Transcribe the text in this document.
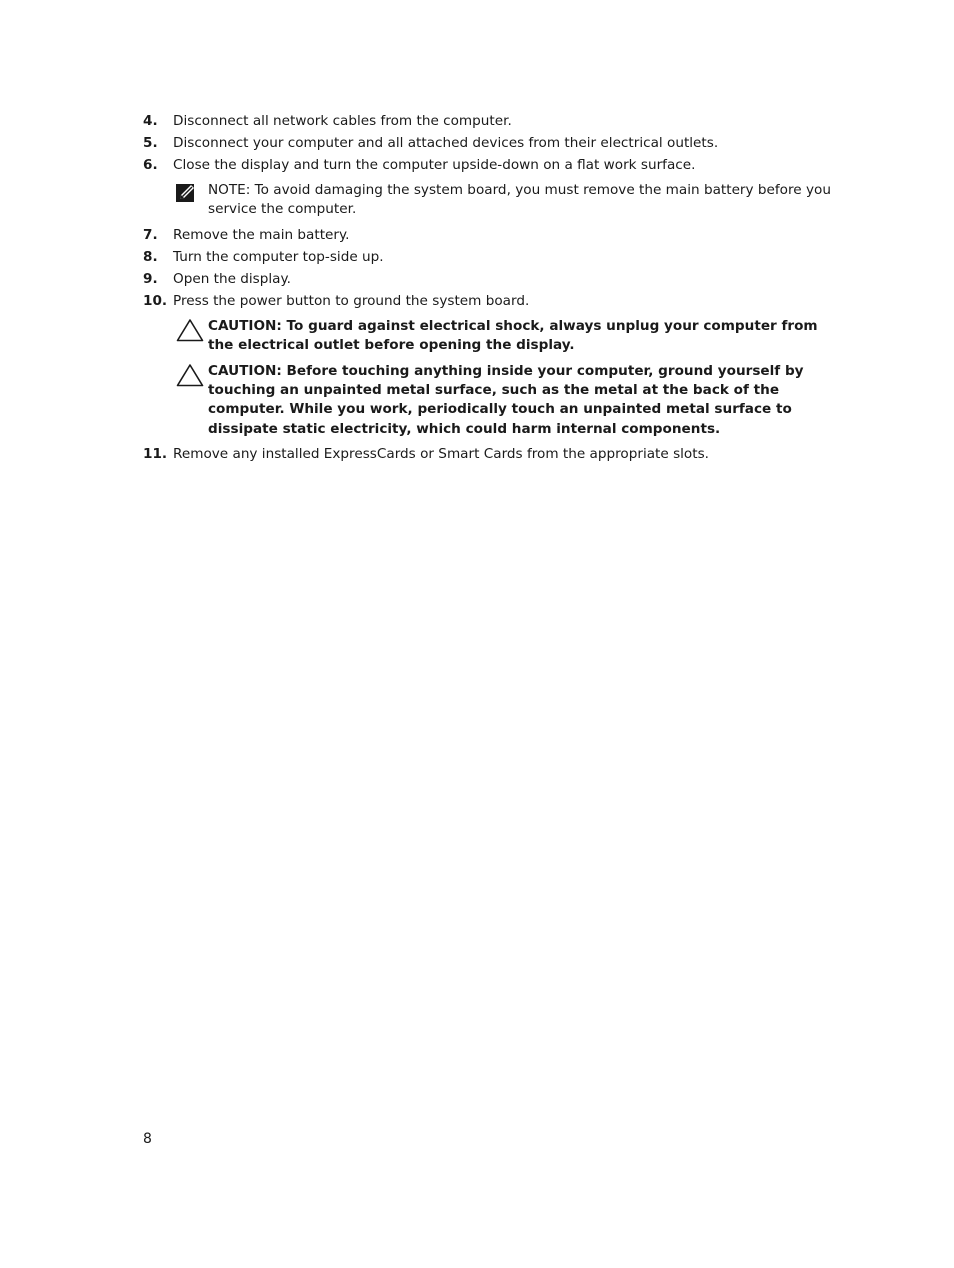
4.	Disconnect all network cables from the computer.
5.	Disconnect your computer and all attached devices from their electrical outlets.
6.	Close the display and turn the computer upside-down on a flat work surface.
NOTE: To avoid damaging the system board, you must remove the main battery before you service the computer.
7.	Remove the main battery.
8.	Turn the computer top-side up.
9.	Open the display.
10. Press the power button to ground the system board.
CAUTION: To guard against electrical shock, always unplug your computer from the electrical outlet before opening the display.
CAUTION: Before touching anything inside your computer, ground yourself by touching an unpainted metal surface, such as the metal at the back of the computer. While you work, periodically touch an unpainted metal surface to dissipate static electricity, which could harm internal components.
11. Remove any installed ExpressCards or Smart Cards from the appropriate slots.
8
